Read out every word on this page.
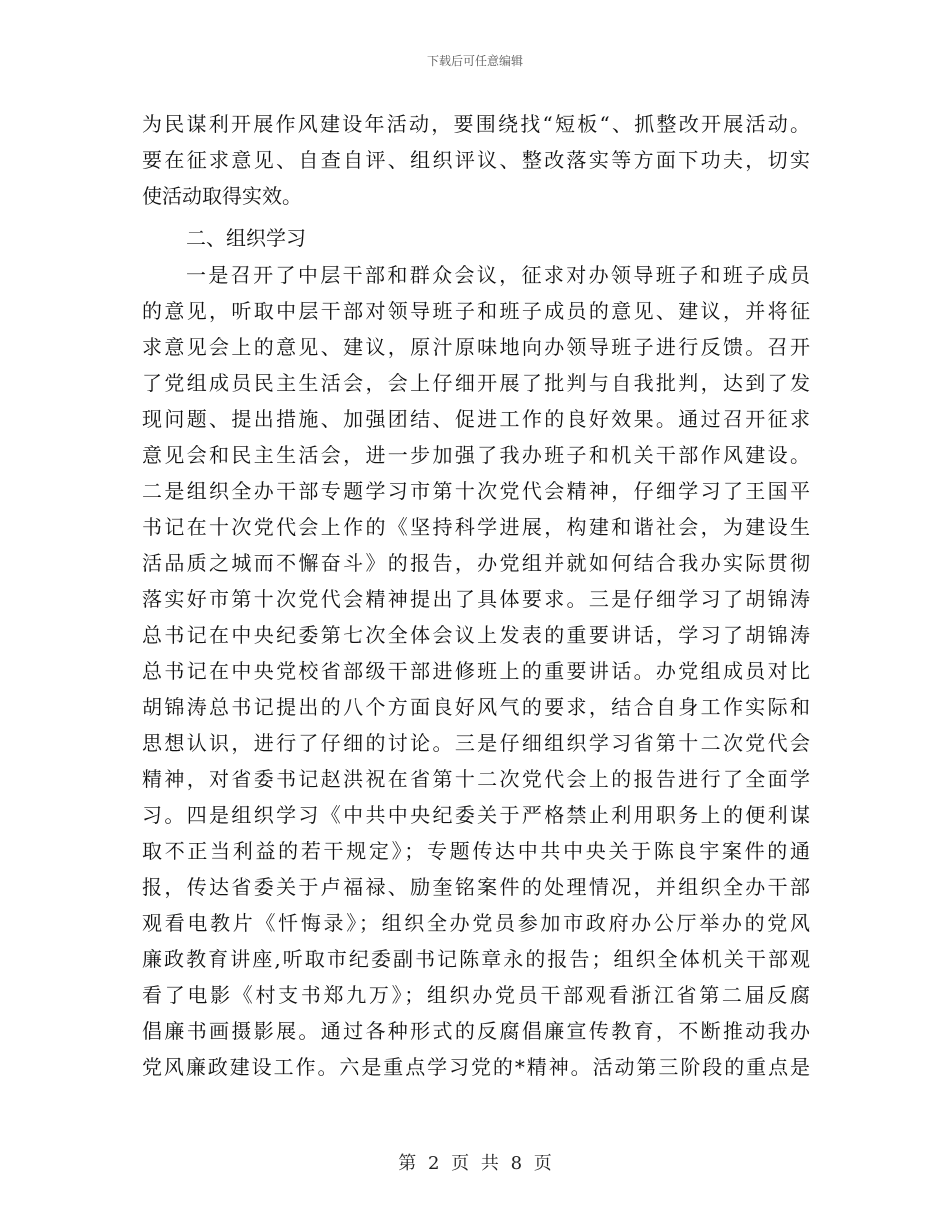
下载后可任意编辑
为民谋利开展作风建设年活动，要围绕找“短板“、抓整改开展活动。
要在征求意见、自查自评、组织评议、整改落实等方面下功夫，切实
使活动取得实效。
二、组织学习
一是召开了中层干部和群众会议，征求对办领导班子和班子成员
的意见，听取中层干部对领导班子和班子成员的意见、建议，并将征
求意见会上的意见、建议，原汁原味地向办领导班子进行反馈。召开
了党组成员民主生活会，会上仔细开展了批判与自我批判，达到了发
现问题、提出措施、加强团结、促进工作的良好效果。通过召开征求
意见会和民主生活会，进一步加强了我办班子和机关干部作风建设。
二是组织全办干部专题学习市第十次党代会精神，仔细学习了王国平
书记在十次党代会上作的《坚持科学进展，构建和谐社会，为建设生
活品质之城而不懈奋斗》的报告，办党组并就如何结合我办实际贯彻
落实好市第十次党代会精神提出了具体要求。三是仔细学习了胡锦涛
总书记在中央纪委第七次全体会议上发表的重要讲话，学习了胡锦涛
总书记在中央党校省部级干部进修班上的重要讲话。办党组成员对比
胡锦涛总书记提出的八个方面良好风气的要求，结合自身工作实际和
思想认识，进行了仔细的讨论。三是仔细组织学习省第十二次党代会
精神，对省委书记赵洪祝在省第十二次党代会上的报告进行了全面学
习。四是组织学习《中共中央纪委关于严格禁止利用职务上的便利谋
取不正当利益的若干规定》；专题传达中共中央关于陈良宇案件的通
报，传达省委关于卢福禄、励奎铭案件的处理情况，并组织全办干部
观看电教片《忏悔录》；组织全办党员参加市政府办公厅举办的党风
廉政教育讲座,听取市纪委副书记陈章永的报告；组织全体机关干部观
看了电影《村支书郑九万》；组织办党员干部观看浙江省第二届反腐
倡廉书画摄影展。通过各种形式的反腐倡廉宣传教育，不断推动我办
党风廉政建设工作。六是重点学习党的*精神。活动第三阶段的重点是
第 2 页 共 8 页
